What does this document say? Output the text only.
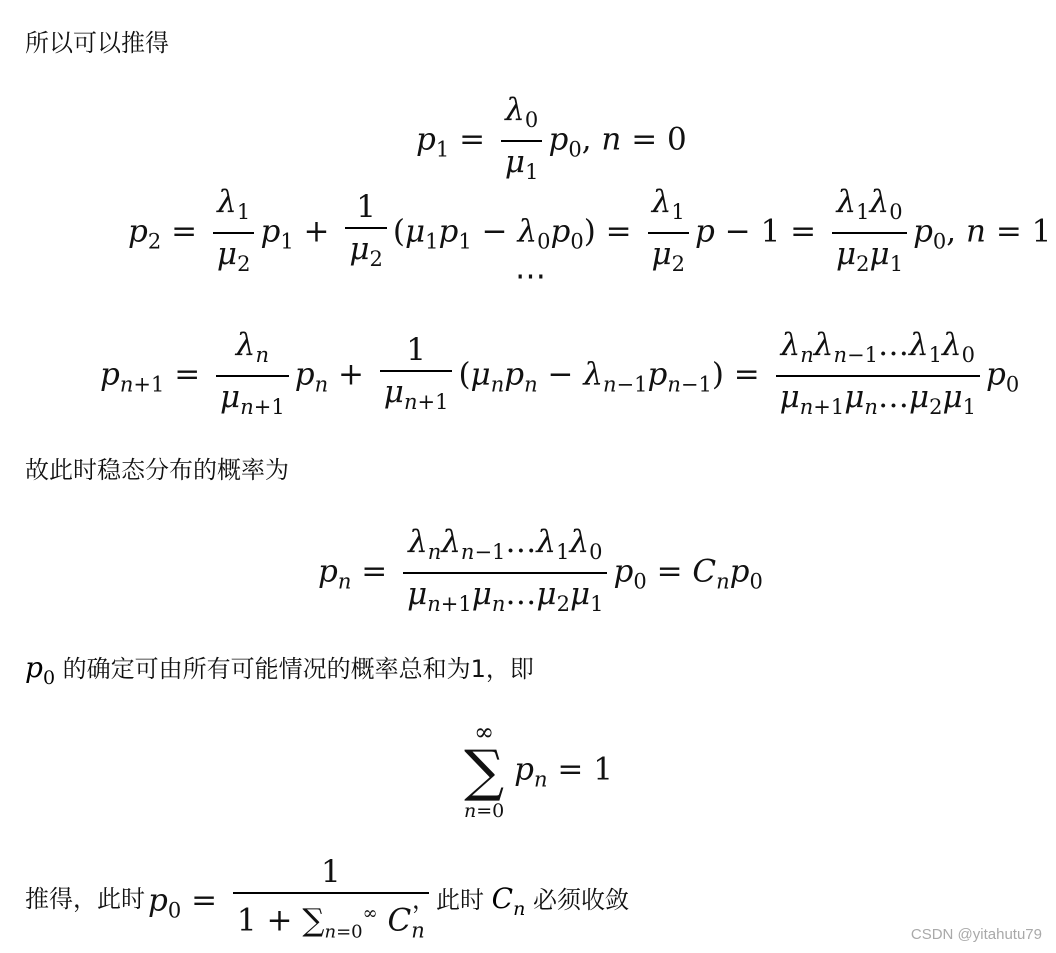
所以可以推得
$p_1 = \frac{\lambda_0}{\mu_1} p_0$, n = 0
$p_2 = \frac{\lambda_1}{\mu_2} p_1 + \frac{1}{\mu_2} (\mu_1p_1 - \lambda_0p_0) = \frac{\lambda_1}{\mu_2}$ $p - 1 = \frac{\lambda_1\lambda_0}{\mu_2\mu_1} p_0$, n = 1
⋯
$p_{n+1} = \frac{\lambda_n}{\mu_{n+1}} p_n + \frac{1}{\mu_{n+1}} (\mu_np_n - \lambda_{n-1}p_{n-1}) = \frac{\lambda_n\lambda_{n-1}\dots\lambda_1\lambda_0}{\mu_{n+1}\mu_n\dots\mu_2\mu_1} p_0$
故此时稳态分布的概率为
$p_n = \frac{\lambda_n\lambda_{n-1}\dots\lambda_1\lambda_0}{\mu_{n+1}\mu_n\dots\mu_2\mu_1} p_0 = C_np_0$
$p_0$ 的确定可由所有可能情况的概率总和为1，即
∞
∑
n=0
$p_n = 1$
推得，此时 $p_0 = \frac{1}{1 + \sum_{n=0}^\infty C_n}$
，此时 $C_n$ 必须收敛
CSDN @yitahutu79
